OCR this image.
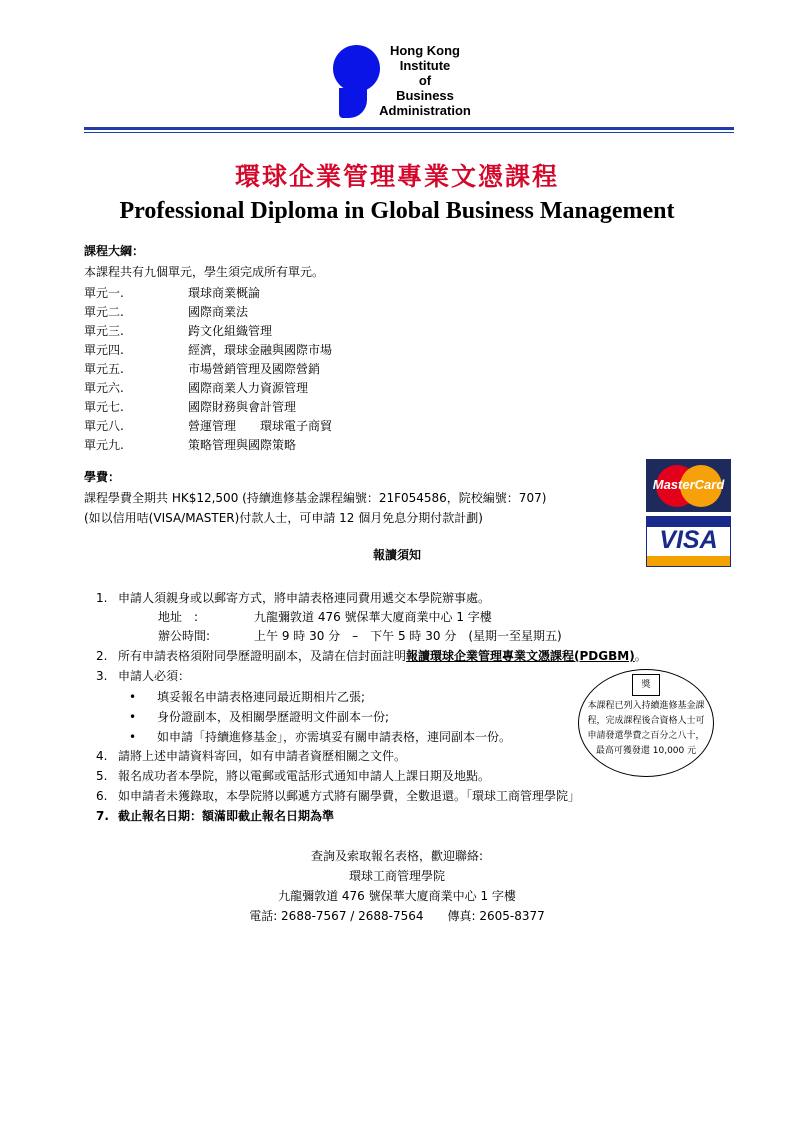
Hong Kong
Institute
of
Business
Administration
環球企業管理專業文憑課程
Professional Diploma in Global Business Management
課程大綱：
本課程共有九個單元，學生須完成所有單元。
單元一.	環球商業概論
單元二.	國際商業法
單元三.	跨文化組織管理
單元四.	經濟，環球金融與國際市場
單元五.	市場營銷管理及國際營銷
單元六.	國際商業人力資源管理
單元七.	國際財務與會計管理
單元八.	營運管理　　環球電子商貿
單元九.	策略管理與國際策略
學費：
課程學費全期共 HK$12,500 (持續進修基金課程編號：21F054586，院校編號：707)
(如以信用咭(VISA/MASTER)付款人士，可申請 12 個月免息分期付款計劃)
MasterCard
VISA
報讀須知
1. 申請人須親身或以郵寄方式，將申請表格連同費用遞交本學院辦事處。
地址　:	九龍彌敦道 476 號保華大廈商業中心 1 字樓
辦公時間:	上午 9 時 30 分　–　下午 5 時 30 分　(星期一至星期五)
2. 所有申請表格須附同學歷證明副本，及請在信封面註明報讀環球企業管理專業文憑課程(PDGBM)。
3. 申請人必須：
• 填妥報名申請表格連同最近期相片乙張;
• 身份證副本，及相關學歷證明文件副本一份;
• 如申請「持續進修基金」，亦需填妥有關申請表格，連同副本一份。
4. 請將上述申請資料寄回，如有申請者資歷相關之文件。
5. 報名成功者本學院，將以電郵或電話形式通知申請人上課日期及地點。
6. 如申請者未獲錄取，本學院將以郵遞方式將有關學費，全數退還。「環球工商管理學院」
7. 截止報名日期：額滿即截止報名日期為準
獎
本課程已列入持續進修基金課程，完成課程後合資格人士可申請發還學費之百分之八十，最高可獲發還 10,000 元
查詢及索取報名表格，歡迎聯絡:
環球工商管理學院
九龍彌敦道 476 號保華大廈商業中心 1 字樓
電話: 2688-7567 / 2688-7564　　傳真: 2605-8377
